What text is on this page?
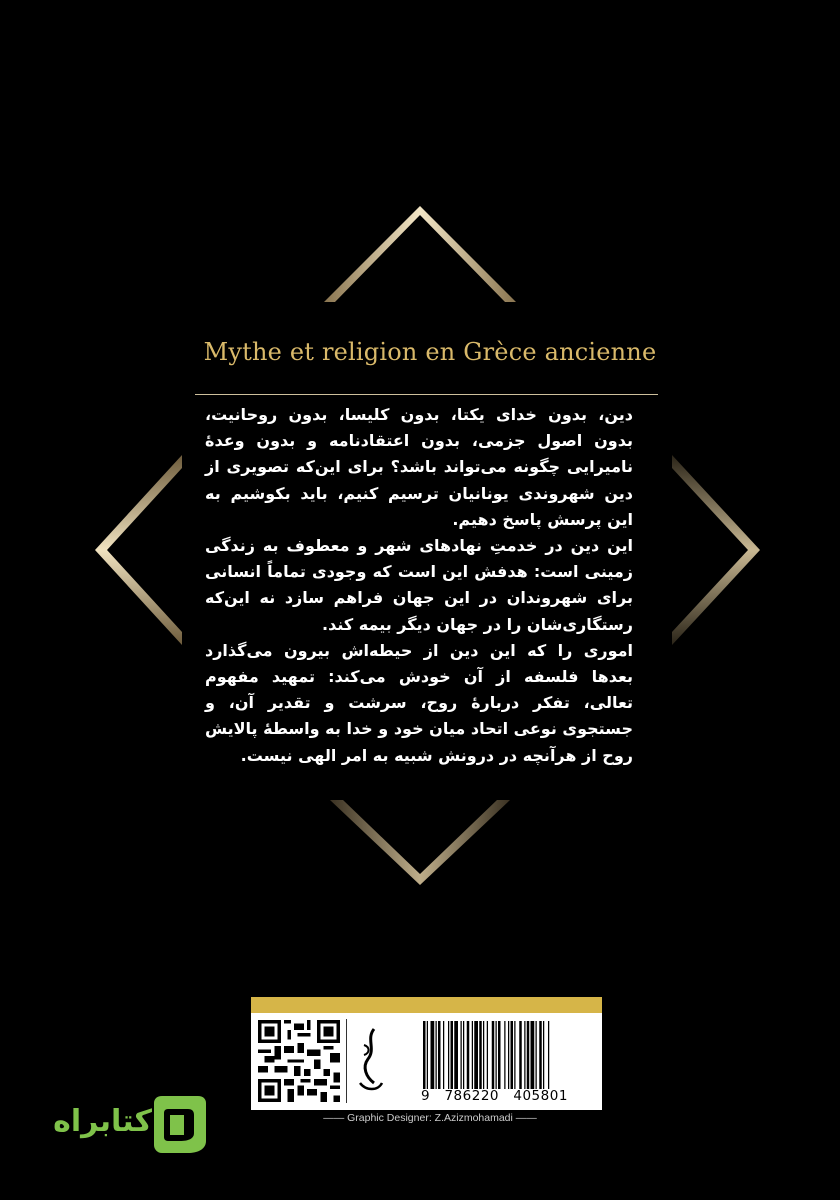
Mythe et religion en Grèce ancienne

دین، بدون خدای یکتا، بدون کلیسا، بدون روحانیت، بدون اصول جزمی، بدون اعتقادنامه و بدون وعدهٔ نامیرایی چگونه می‌تواند باشد؟ برای این‌که تصویری از دین شهروندی یونانیان ترسیم کنیم، باید بکوشیم به این پرسش پاسخ دهیم.

این دین در خدمتِ نهادهای شهر و معطوف به زندگی زمینی است: هدفش این است که وجودی تماماً انسانی برای شهروندان در این جهان فراهم سازد نه این‌که رستگاری‌شان را در جهان دیگر بیمه کند.

اموری را که این دین از حیطه‌اش بیرون می‌گذارد بعدها فلسفه از آن خودش می‌کند: تمهید مفهوم تعالی، تفکر دربارهٔ روح، سرشت و تقدیر آن، و جستجوی نوعی اتحاد میان خود و خدا به واسطهٔ پالایش روح از هرآنچه در درونش شبیه به امر الهی نیست.

9   786220   405801
—— Graphic Designer: Z.Azizmohamadi ——
کتابراه
